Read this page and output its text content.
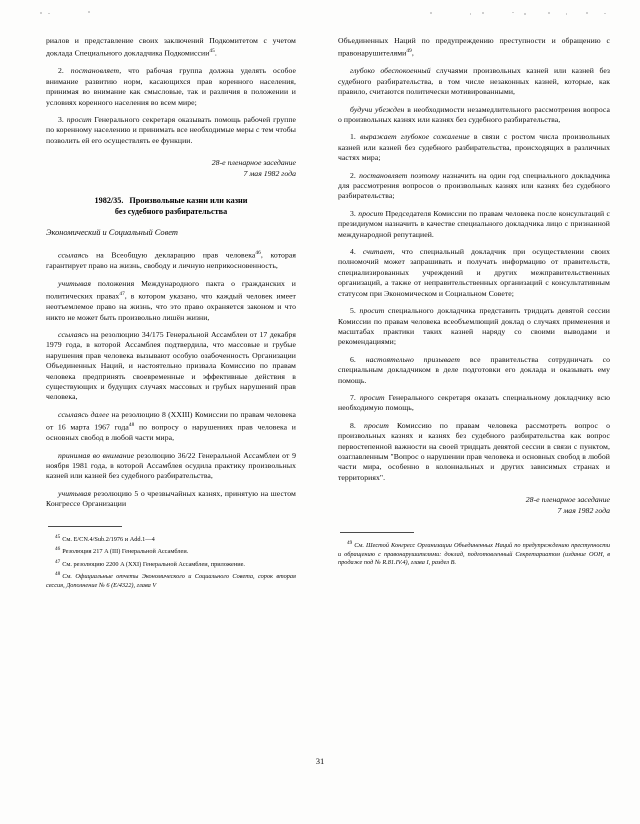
риалов и представление своих заключений Подкомитетом с учетом доклада Специального докладчика Подкомиссии$^{45}$.

2. постановляет, что рабочая группа должна уделять особое внимание развитию норм, касающихся прав коренного населения, принимая во внимание как смысловые, так и различия в положении и условиях коренного населения во всем мире;

3. просит Генерального секретаря оказывать помощь рабочей группе по коренному населению и принимать все необходимые меры с тем чтобы позволить ей его осуществлять ее функции.

28-е пленарное заседание
7 мая 1982 года
1982/35. Произвольные казни или казни
без судебного разбирательства
Экономический и Социальный Совет

ссылаясь на Всеобщую декларацию прав человека$^{46}$, которая гарантирует право на жизнь, свободу и личную неприкосновенность,

учитывая положения Международного пакта о гражданских и политических правах$^{47}$, в котором указано, что каждый человек имеет неотъемлемое право на жизнь, что это право охраняется законом и что никто не может быть произвольно лишён жизни,

ссылаясь на резолюцию 34/175 Генеральной Ассамблеи от 17 декабря 1979 года, в которой Ассамблея подтвердила, что массовые и грубые нарушения прав человека вызывают особую озабоченность Организации Объединенных Наций, и настоятельно призвала Комиссию по правам человека предпринять своевременные и эффективные действия в существующих и будущих случаях массовых и грубых нарушений прав человека,

ссылаясь далее на резолюцию 8 (XXIII) Комиссии по правам человека от 16 марта 1967 года$^{48}$ по вопросу о нарушениях прав человека и основных свобод в любой части мира,

принимая во внимание резолюцию 36/22 Генеральной Ассамблеи от 9 ноября 1981 года, в которой Ассамблея осудила практику произвольных казней или казней без судебного разбирательства,

учитывая резолюцию 5 о чрезвычайных казнях, принятую на шестом Конгрессе Организации

$^{45}$ См. E/CN.4/Sub.2/1976 и Add.1—4

$^{46}$ Резолюция 217 A (III) Генеральной Ассамблеи.

$^{47}$ См. резолюцию 2200 A (XXI) Генеральной Ассамблеи, приложение.

$^{48}$ См. Официальные отчеты Экономического и Социального Совета, сорок вторая сессия, Дополнение № 6 (E/4322), глава V

Объединенных Наций по предупреждению преступности и обращению с правонарушителями$^{49}$,

глубоко обеспокоенный случаями произвольных казней или казней без судебного разбирательства, в том числе незаконных казней, которые, как правило, считаются политически мотивированными,

будучи убежден в необходимости незамедлительного рассмотрения вопроса о произвольных казнях или казнях без судебного разбирательства,

1. выражает глубокое сожаление в связи с ростом числа произвольных казней или казней без судебного разбирательства, происходящих в различных частях мира;

2. постановляет поэтому назначить на один год специального докладчика для рассмотрения вопросов о произвольных казнях или казнях без судебного разбирательства;

3. просит Председателя Комиссии по правам человека после консультаций с президиумом назначить в качестве специального докладчика лицо с признанной международной репутацией.

4. считает, что специальный докладчик при осуществлении своих полномочий может запрашивать и получать информацию от правительств, специализированных учреждений и других межправительственных организаций, а также от неправительственных организаций с консультативным статусом при Экономическом и Социальном Совете;

5. просит специального докладчика представить тридцать девятой сессии Комиссии по правам человека всеобъемлющий доклад о случаях применения и масштабах практики таких казней наряду со своими выводами и рекомендациями;

6. настоятельно призывает все правительства сотрудничать со специальным докладчиком в деле подготовки его доклада и оказывать ему помощь.

7. просит Генерального секретаря оказать специальному докладчику всю необходимую помощь,

8. просит Комиссию по правам человека рассмотреть вопрос о произвольных казнях и казнях без судебного разбирательства как вопрос первостепенной важности на своей тридцать девятой сессии в связи с пунктом, озаглавленным "Вопрос о нарушении прав человека и основных свобод в любой части мира, особенно в колониальных и других зависимых странах и территориях".

28-е пленарное заседание
7 мая 1982 года

$^{49}$ См. Шестой Конгресс Организации Объединенных Наций по предупреждению преступности и обращению с правонарушителями: доклад, подготовленный Секретариатом (издание ООН, в продаже под № R.81.IV.4), глава I, раздел B.

31
